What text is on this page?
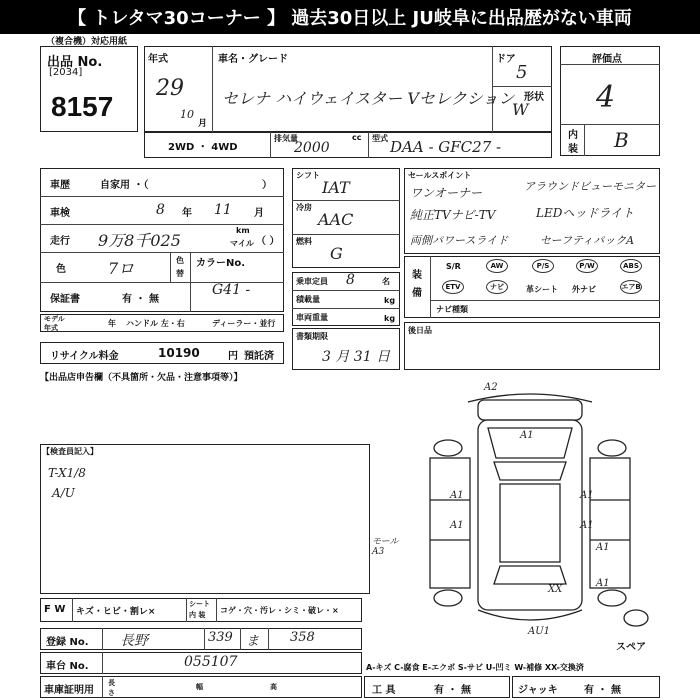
【 トレタマ30コーナー 】 過去30日以上 JU岐阜に出品歴がない車両
（複合機）対応用紙
出品 No.
[2034]
8157
年式
29
10
月
車名・グレード
セレナ ハイウェイスター Vセレクション
ドア
5
形状
W
評価点
4
内
装 B
2WD ・ 4WD
排気量	cc
2000
型式 DAA - GFC27 -
車歴	自家用 ・（	）
車検	8 年 11 月
走行 9万8千025
km
マイル （ ）
色	7ロ	色
替
カラーNo.
G41 -
保証書	有 ・ 無
モデル
年式	年 ハンドル 左・右	ディーラー・並行
リサイクル料金	10190	円 預託済
【出品店申告欄（不具箇所・欠品・注意事項等）】
シフト
IAT
冷房
AAC
燃料
G
乗車定員 8	名
積載量	kg
車両重量	kg
書類期限
3 月 31 日
セールスポイント
ワンオーナー	アラウンドビューモニター
純正TVナビ-TV	LEDヘッドライト
両側パワースライド	セーフティパックA
装
備
S/R	AW	P/S	P/W	ABS
ETV	ナビ	革シート 外ナビ	エアB
ナビ種類
後日品
【検査員記入】
T-X1/8
A/U
A2
A1
A1
A1
A1
A1
A1
A1
XX
AU1
モール A3
スペア
F W キズ・ヒビ・割レ×
シート
内 装 コゲ・穴・汚レ・シミ・破レ・×
登録 No. 長野	339 ま 358
車台 No.	055107
車庫証明用
長
さ
幅	高
A-キズ C-腐食 E-エクボ S-サビ U-凹ミ W-補修 XX-交換済
工 具	有 ・ 無	ジャッキ	有 ・ 無
